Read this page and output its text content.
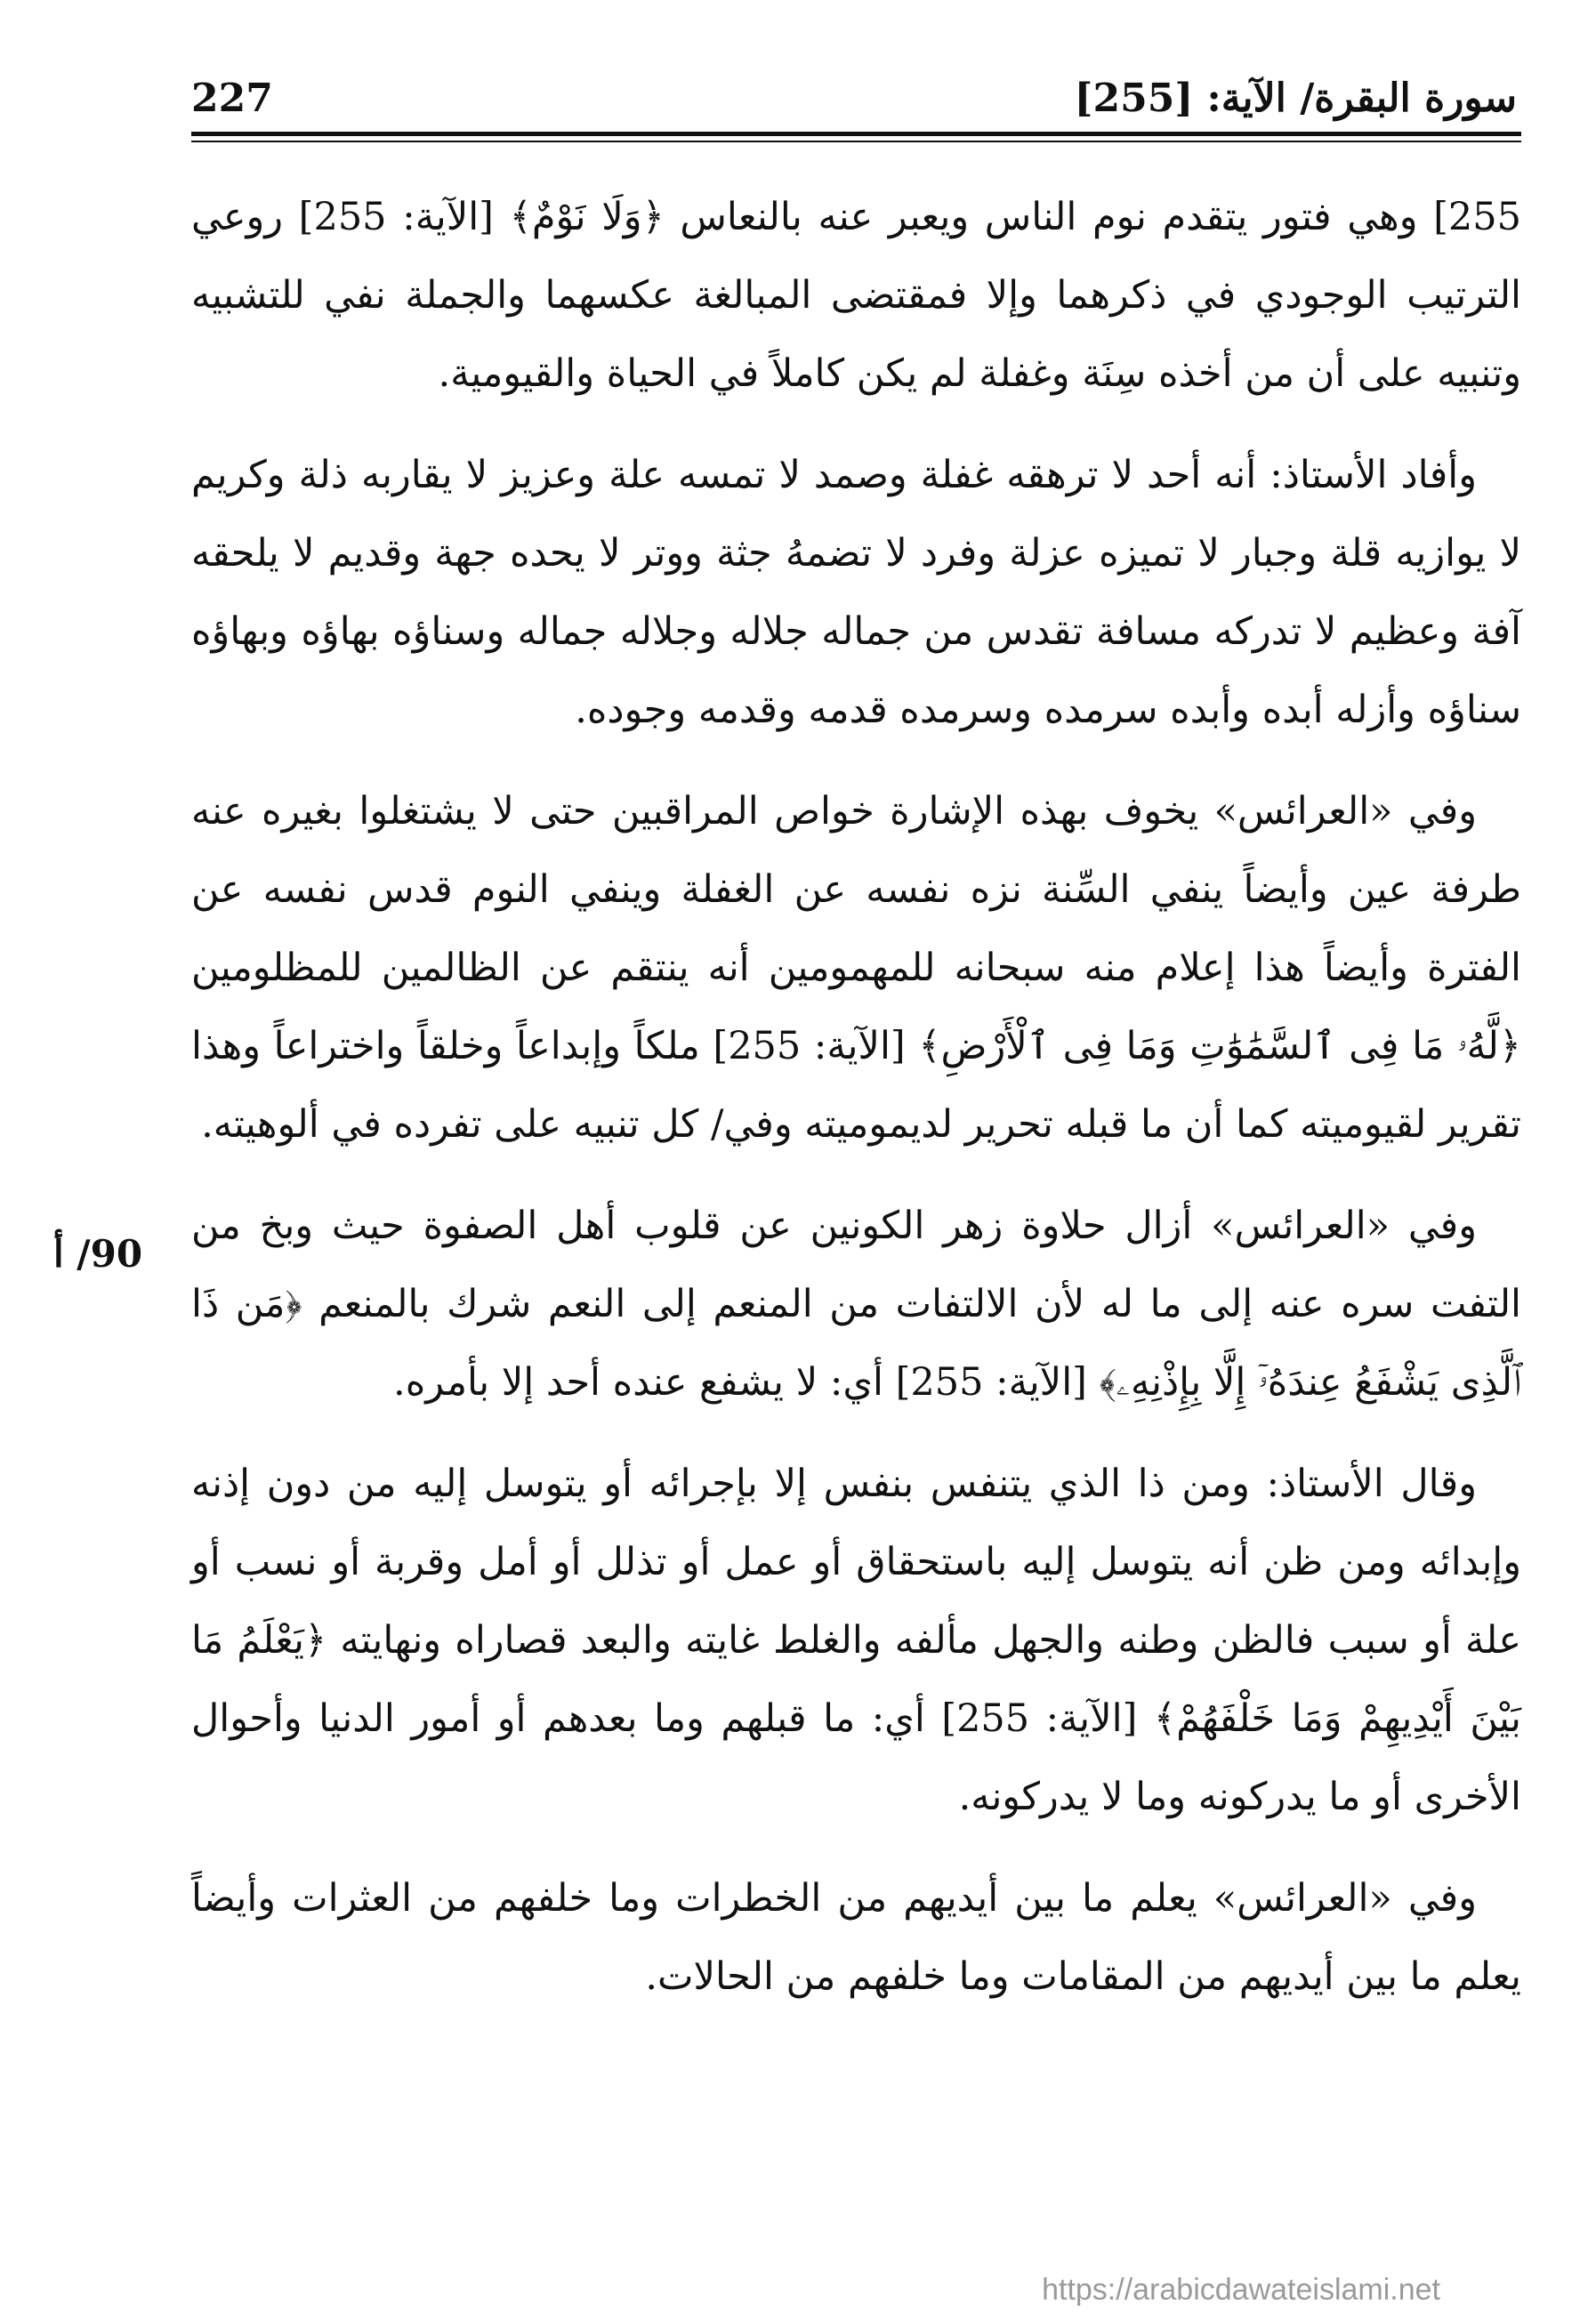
سورة البقرة/ الآية: [255]
227

255] وهي فتور يتقدم نوم الناس ويعبر عنه بالنعاس ﴿وَلَا نَوْمٌ﴾ [الآية: 255] روعي الترتيب الوجودي في ذكرهما وإلا فمقتضى المبالغة عكسهما والجملة نفي للتشبيه وتنبيه على أن من أخذه سِنَة وغفلة لم يكن كاملاً في الحياة والقيومية.

وأفاد الأستاذ: أنه أحد لا ترهقه غفلة وصمد لا تمسه علة وعزيز لا يقاربه ذلة وكريم لا يوازيه قلة وجبار لا تميزه عزلة وفرد لا تضمهُ جثة ووتر لا يحده جهة وقديم لا يلحقه آفة وعظيم لا تدركه مسافة تقدس من جماله جلاله وجلاله جماله وسناؤه بهاؤه وبهاؤه سناؤه وأزله أبده وأبده سرمده وسرمده قدمه وقدمه وجوده.

وفي «العرائس» يخوف بهذه الإشارة خواص المراقبين حتى لا يشتغلوا بغيره عنه طرفة عين وأيضاً ينفي السِّنة نزه نفسه عن الغفلة وينفي النوم قدس نفسه عن الفترة وأيضاً هذا إعلام منه سبحانه للمهمومين أنه ينتقم عن الظالمين للمظلومين ﴿لَّهُۥ مَا فِى ٱلسَّمَٰوَٰتِ وَمَا فِى ٱلْأَرْضِ﴾ [الآية: 255] ملكاً وإبداعاً وخلقاً واختراعاً وهذا تقرير لقيوميته كما أن ما قبله تحرير لديموميته وفي/ كل تنبيه على تفرده في ألوهيته.

وفي «العرائس» أزال حلاوة زهر الكونين عن قلوب أهل الصفوة حيث وبخ من التفت سره عنه إلى ما له لأن الالتفات من المنعم إلى النعم شرك بالمنعم ﴿مَن ذَا ٱلَّذِى يَشْفَعُ عِندَهُۥٓ إِلَّا بِإِذْنِهِۦ﴾ [الآية: 255] أي: لا يشفع عنده أحد إلا بأمره.

وقال الأستاذ: ومن ذا الذي يتنفس بنفس إلا بإجرائه أو يتوسل إليه من دون إذنه وإبدائه ومن ظن أنه يتوسل إليه باستحقاق أو عمل أو تذلل أو أمل وقربة أو نسب أو علة أو سبب فالظن وطنه والجهل مألفه والغلط غايته والبعد قصاراه ونهايته ﴿يَعْلَمُ مَا بَيْنَ أَيْدِيهِمْ وَمَا خَلْفَهُمْ﴾ [الآية: 255] أي: ما قبلهم وما بعدهم أو أمور الدنيا وأحوال الأخرى أو ما يدركونه وما لا يدركونه.

وفي «العرائس» يعلم ما بين أيديهم من الخطرات وما خلفهم من العثرات وأيضاً يعلم ما بين أيديهم من المقامات وما خلفهم من الحالات.

90/ أ
https://arabicdawateislami.net
